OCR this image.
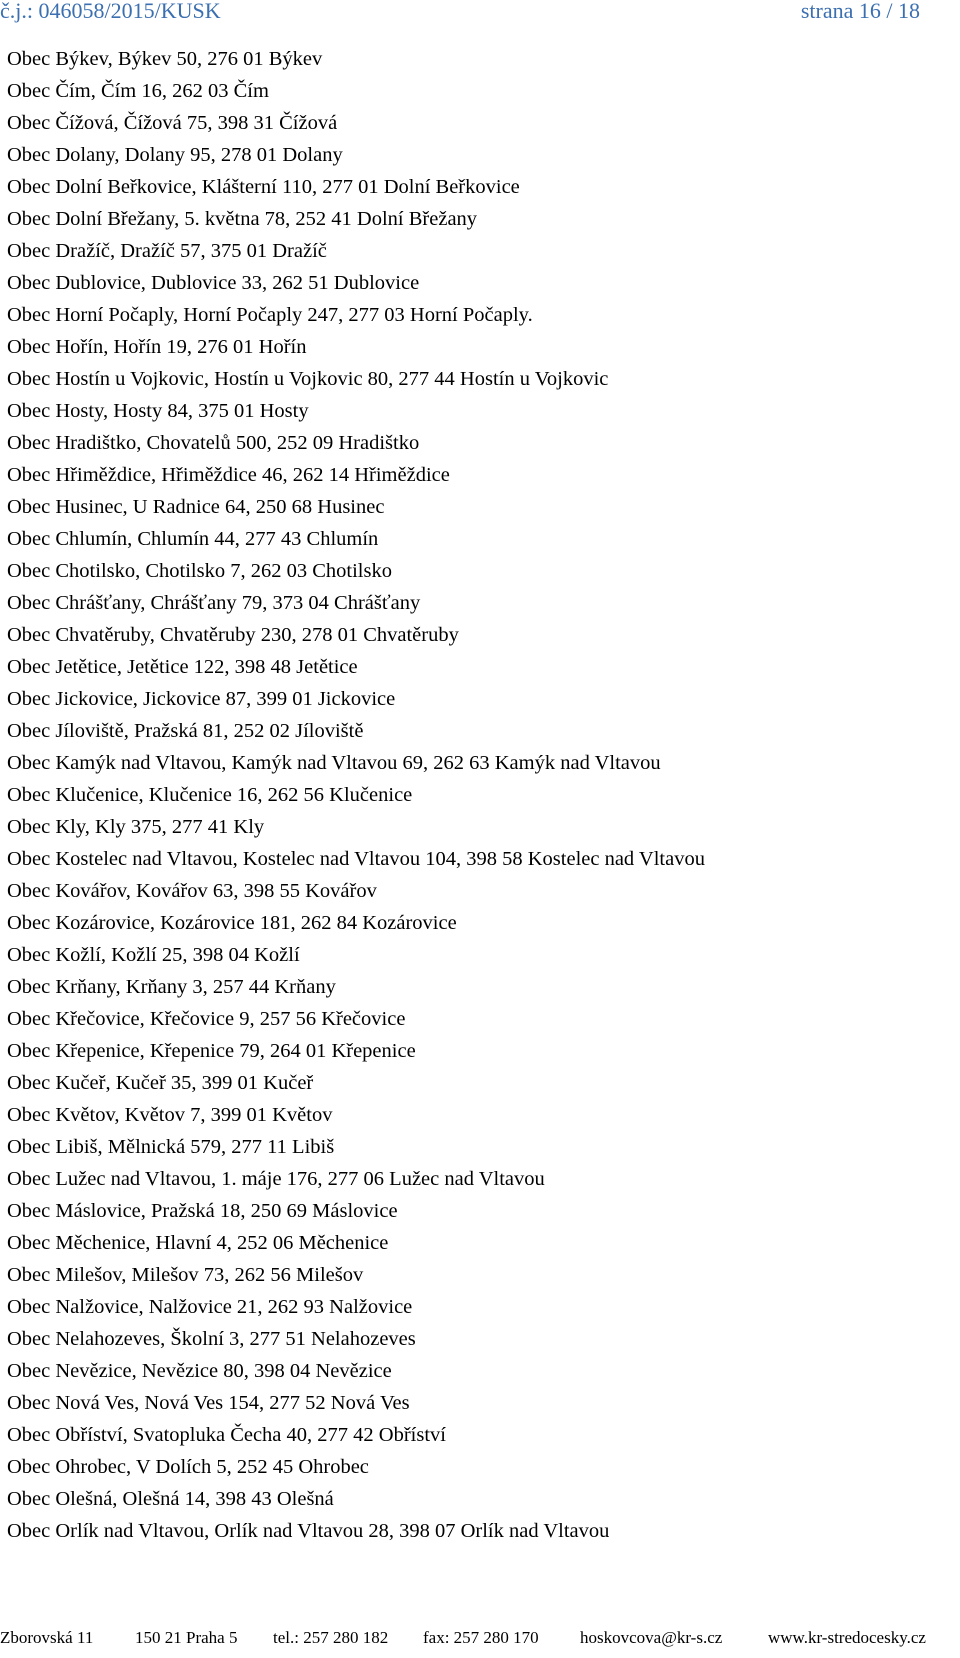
č.j.: 046058/2015/KUSK	strana 16 / 18
Obec Býkev, Býkev 50, 276 01 Býkev
Obec Čím, Čím 16, 262 03 Čím
Obec Čížová, Čížová 75, 398 31 Čížová
Obec Dolany, Dolany 95, 278 01 Dolany
Obec Dolní Beřkovice, Klášterní 110, 277 01 Dolní Beřkovice
Obec Dolní Břežany, 5. května 78, 252 41 Dolní Břežany
Obec Dražíč, Dražíč 57, 375 01 Dražíč
Obec Dublovice, Dublovice 33, 262 51 Dublovice
Obec Horní Počaply, Horní Počaply 247, 277 03 Horní Počaply.
Obec Hořín, Hořín 19, 276 01 Hořín
Obec Hostín u Vojkovic, Hostín u Vojkovic 80, 277 44 Hostín u Vojkovic
Obec Hosty, Hosty 84, 375 01 Hosty
Obec Hradištko, Chovatelů 500, 252 09 Hradištko
Obec Hřiměždice, Hřiměždice 46, 262 14 Hřiměždice
Obec Husinec, U Radnice 64, 250 68 Husinec
Obec Chlumín, Chlumín 44, 277 43 Chlumín
Obec Chotilsko, Chotilsko 7, 262 03 Chotilsko
Obec Chrášťany, Chrášťany 79, 373 04 Chrášťany
Obec Chvatěruby, Chvatěruby 230, 278 01 Chvatěruby
Obec Jetětice, Jetětice 122, 398 48 Jetětice
Obec Jickovice, Jickovice 87, 399 01 Jickovice
Obec Jíloviště, Pražská 81, 252 02 Jíloviště
Obec Kamýk nad Vltavou, Kamýk nad Vltavou 69, 262 63 Kamýk nad Vltavou
Obec Klučenice, Klučenice 16, 262 56 Klučenice
Obec Kly, Kly 375, 277 41 Kly
Obec Kostelec nad Vltavou, Kostelec nad Vltavou 104, 398 58 Kostelec nad Vltavou
Obec Kovářov, Kovářov 63, 398 55 Kovářov
Obec Kozárovice, Kozárovice 181, 262 84 Kozárovice
Obec Kožlí, Kožlí 25, 398 04 Kožlí
Obec Krňany, Krňany 3, 257 44 Krňany
Obec Křečovice, Křečovice 9, 257 56 Křečovice
Obec Křepenice, Křepenice 79, 264 01 Křepenice
Obec Kučeř, Kučeř 35, 399 01 Kučeř
Obec Květov, Květov 7, 399 01 Květov
Obec Libiš, Mělnická 579, 277 11 Libiš
Obec Lužec nad Vltavou, 1. máje 176, 277 06 Lužec nad Vltavou
Obec Máslovice, Pražská 18, 250 69 Máslovice
Obec Měchenice, Hlavní 4, 252 06 Měchenice
Obec Milešov, Milešov 73, 262 56 Milešov
Obec Nalžovice, Nalžovice 21, 262 93 Nalžovice
Obec Nelahozeves, Školní 3, 277 51 Nelahozeves
Obec Nevězice, Nevězice 80, 398 04 Nevězice
Obec Nová Ves, Nová Ves 154, 277 52 Nová Ves
Obec Obříství, Svatopluka Čecha 40, 277 42 Obříství
Obec Ohrobec, V Dolích 5, 252 45 Ohrobec
Obec Olešná, Olešná 14, 398 43 Olešná
Obec Orlík nad Vltavou, Orlík nad Vltavou 28, 398 07 Orlík nad Vltavou
Zborovská 11 150 21 Praha 5 tel.: 257 280 182 fax: 257 280 170 hoskovcova@kr-s.cz	www.kr-stredocesky.cz
